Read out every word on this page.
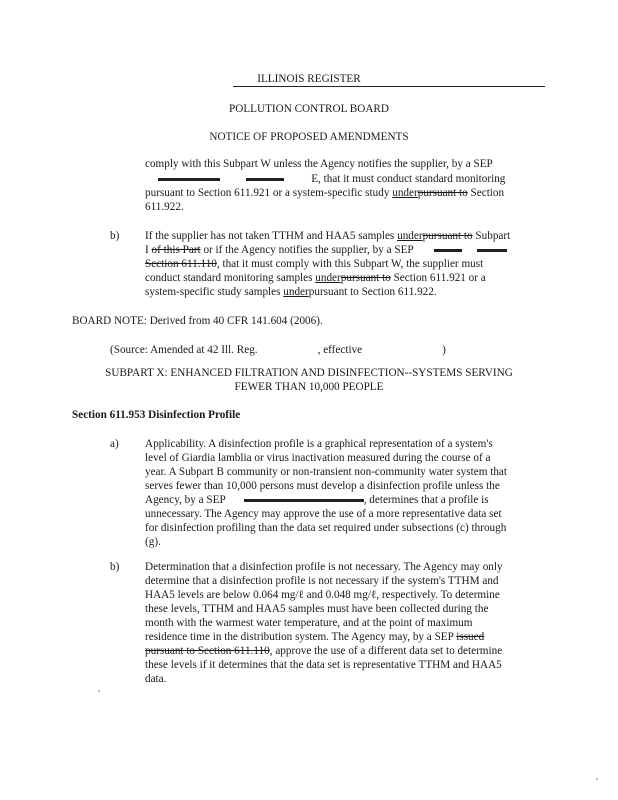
ILLINOIS REGISTER
POLLUTION CONTROL BOARD
NOTICE OF PROPOSED AMENDMENTS
comply with this Subpart W unless the Agency notifies the supplier, by a SEP
E, that it must conduct standard monitoring
pursuant to Section 611.921 or a system-specific study underpursuant to Section
611.922.
b) If the supplier has not taken TTHM and HAA5 samples underpursuant to Subpart
I of this Part or if the Agency notifies the supplier, by a SEP
Section 611.110, that it must comply with this Subpart W, the supplier must
conduct standard monitoring samples underpursuant to Section 611.921 or a
system-specific study samples underpursuant to Section 611.922.
BOARD NOTE: Derived from 40 CFR 141.604 (2006).
(Source: Amended at 42 Ill. Reg.	, effective	)
SUBPART X: ENHANCED FILTRATION AND DISINFECTION--SYSTEMS SERVING
FEWER THAN 10,000 PEOPLE
Section 611.953 Disinfection Profile
a) Applicability. A disinfection profile is a graphical representation of a system's
level of Giardia lamblia or virus inactivation measured during the course of a
year. A Subpart B community or non-transient non-community water system that
serves fewer than 10,000 persons must develop a disinfection profile unless the
Agency, by a SEP	, determines that a profile is
unnecessary. The Agency may approve the use of a more representative data set
for disinfection profiling than the data set required under subsections (c) through
(g).
b) Determination that a disinfection profile is not necessary. The Agency may only
determine that a disinfection profile is not necessary if the system's TTHM and
HAA5 levels are below 0.064 mg/ℓ and 0.048 mg/ℓ, respectively. To determine
these levels, TTHM and HAA5 samples must have been collected during the
month with the warmest water temperature, and at the point of maximum
residence time in the distribution system. The Agency may, by a SEP issued
pursuant to Section 611.110, approve the use of a different data set to determine
these levels if it determines that the data set is representative TTHM and HAA5
data.
